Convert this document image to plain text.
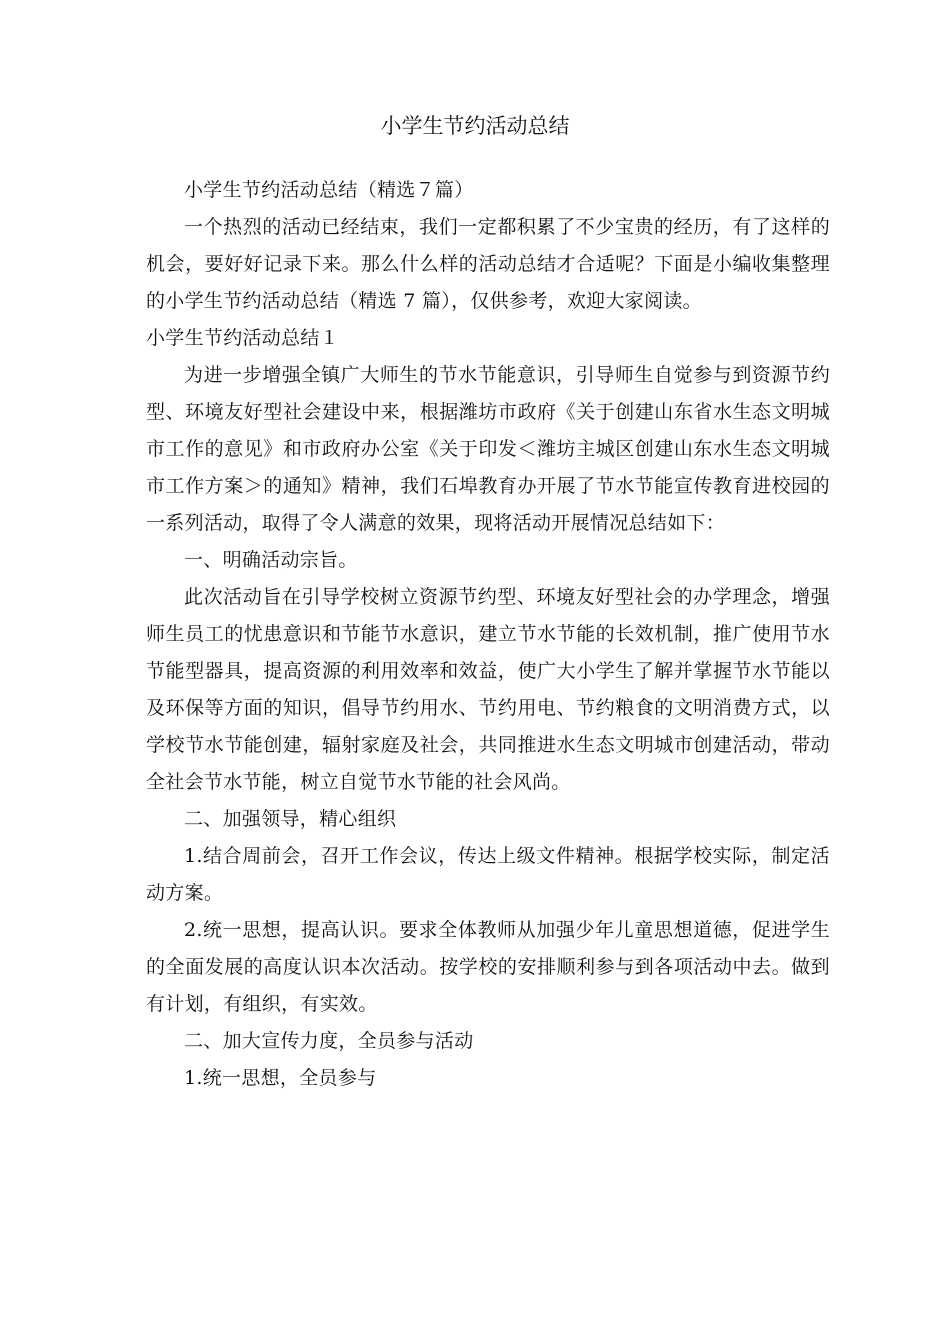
小学生节约活动总结

小学生节约活动总结（精选７篇）

一个热烈的活动已经结束，我们一定都积累了不少宝贵的经历，有了这样的机会，要好好记录下来。那么什么样的活动总结才合适呢？下面是小编收集整理的小学生节约活动总结（精选 7 篇），仅供参考，欢迎大家阅读。

小学生节约活动总结１

为进一步增强全镇广大师生的节水节能意识，引导师生自觉参与到资源节约型、环境友好型社会建设中来，根据潍坊市政府《关于创建山东省水生态文明城市工作的意见》和市政府办公室《关于印发＜潍坊主城区创建山东水生态文明城市工作方案＞的通知》精神，我们石埠教育办开展了节水节能宣传教育进校园的一系列活动，取得了令人满意的效果，现将活动开展情况总结如下：

一、明确活动宗旨。

此次活动旨在引导学校树立资源节约型、环境友好型社会的办学理念，增强师生员工的忧患意识和节能节水意识，建立节水节能的长效机制，推广使用节水节能型器具，提高资源的利用效率和效益，使广大小学生了解并掌握节水节能以及环保等方面的知识，倡导节约用水、节约用电、节约粮食的文明消费方式，以学校节水节能创建，辐射家庭及社会，共同推进水生态文明城市创建活动，带动全社会节水节能，树立自觉节水节能的社会风尚。

二、加强领导，精心组织

1.结合周前会，召开工作会议，传达上级文件精神。根据学校实际，制定活动方案。

2.统一思想，提高认识。要求全体教师从加强少年儿童思想道德，促进学生的全面发展的高度认识本次活动。按学校的安排顺利参与到各项活动中去。做到有计划，有组织，有实效。

二、加大宣传力度，全员参与活动

1.统一思想，全员参与
